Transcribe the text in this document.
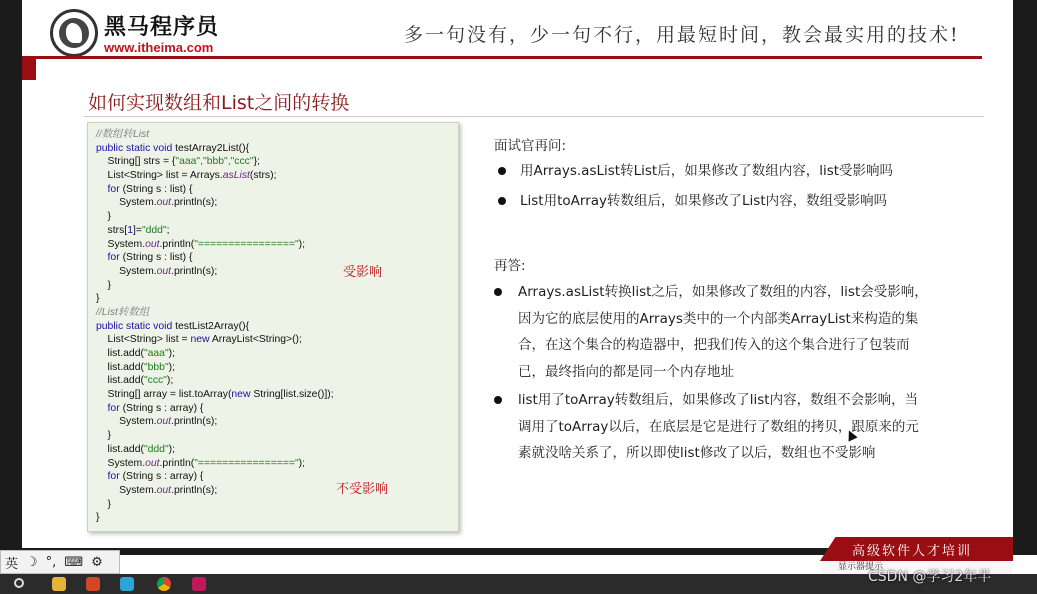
黑马程序员
www.itheima.com
多一句没有，少一句不行，用最短时间，教会最实用的技术!
如何实现数组和List之间的转换
//数组转List
public static void testArray2List(){
String[] strs = {"aaa","bbb","ccc"};
List<String> list = Arrays.asList(strs);
for (String s : list) {
System.out.println(s);
}
strs[1]="ddd";
System.out.println("================");
for (String s : list) {
System.out.println(s);
}
}
//List转数组
public static void testList2Array(){
List<String> list = new ArrayList<String>();
list.add("aaa");
list.add("bbb");
list.add("ccc");
String[] array = list.toArray(new String[list.size()]);
for (String s : array) {
System.out.println(s);
}
list.add("ddd");
System.out.println("================");
for (String s : array) {
System.out.println(s);
}
}
受影响
不受影响
面试官再问:
用Arrays.asList转List后，如果修改了数组内容，list受影响吗
List用toArray转数组后，如果修改了List内容，数组受影响吗
再答:
Arrays.asList转换list之后，如果修改了数组的内容，list会受影响，
因为它的底层使用的Arrays类中的一个内部类ArrayList来构造的集
合，在这个集合的构造器中，把我们传入的这个集合进行了包装而
已，最终指向的都是同一个内存地址
list用了toArray转数组后，如果修改了list内容，数组不会影响，当
调用了toArray以后，在底层是它是进行了数组的拷贝，跟原来的元
素就没啥关系了，所以即使list修改了以后，数组也不受影响
高级软件人才培训
英 ☽ °, ⌨ ⚙	显示器提示
CSDN @学习2年半
